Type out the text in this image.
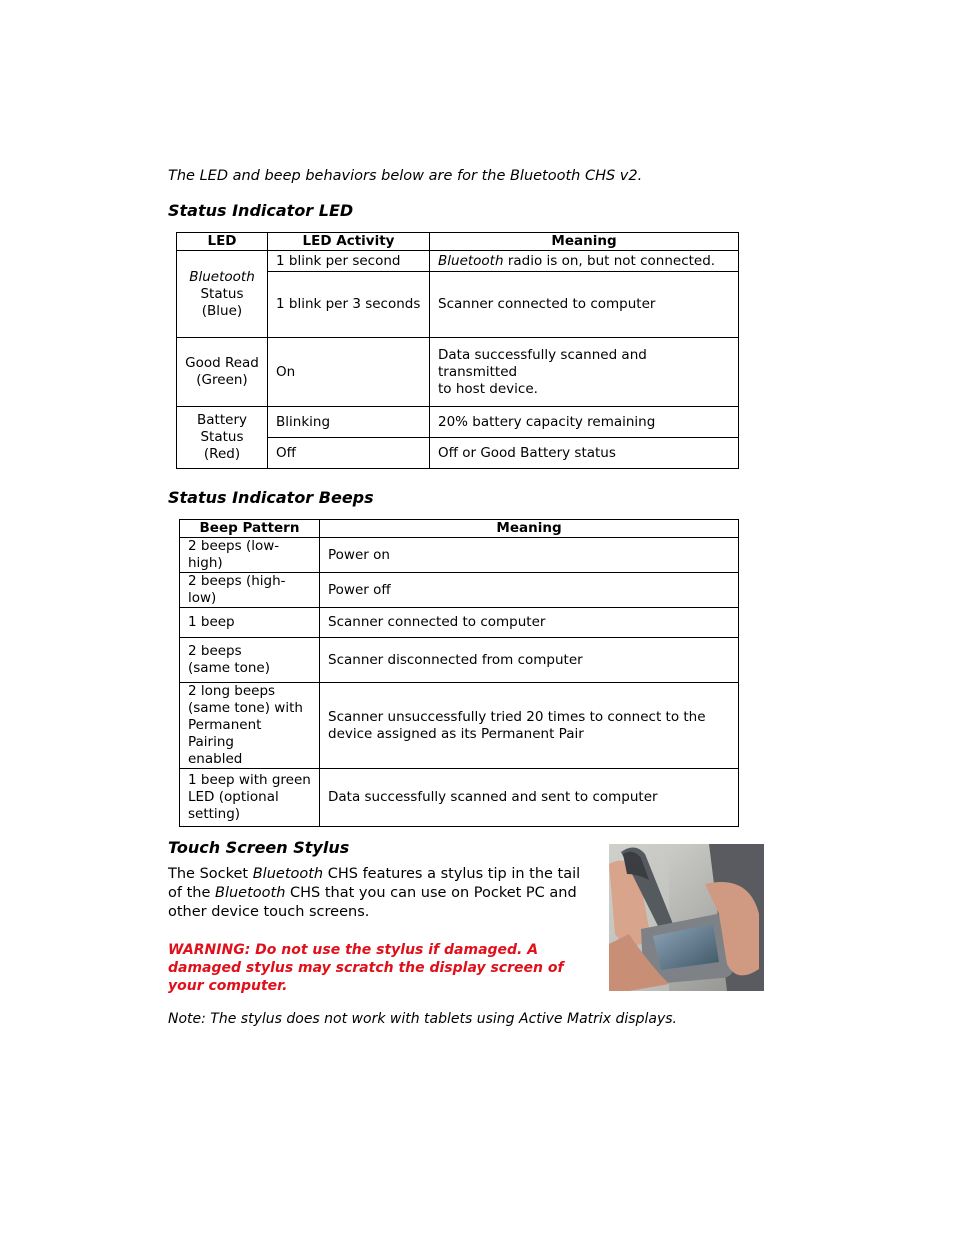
The LED and beep behaviors below are for the Bluetooth CHS v2.
Status Indicator LED
LED	LED Activity	Meaning
Bluetooth
Status
(Blue)	1 blink per second	Bluetooth radio is on, but not connected.
	1 blink per 3 seconds	Scanner connected to computer
Good Read
(Green)	On	Data successfully scanned and transmitted
to host device.
Battery
Status
(Red)	Blinking	20% battery capacity remaining
	Off	Off or Good Battery status
Status Indicator Beeps
Beep Pattern	Meaning
2 beeps (low-high)	Power on
2 beeps (high-low)	Power off
1 beep	Scanner connected to computer
2 beeps
(same tone)	Scanner disconnected from computer
2 long beeps
(same tone) with
Permanent Pairing
enabled	Scanner unsuccessfully tried 20 times to connect to the
device assigned as its Permanent Pair
1 beep with green
LED (optional
setting)	Data successfully scanned and sent to computer
Touch Screen Stylus
The Socket Bluetooth CHS features a stylus tip in the tail of the Bluetooth CHS that you can use on Pocket PC and other device touch screens.
WARNING: Do not use the stylus if damaged. A damaged stylus may scratch the display screen of your computer.
Note: The stylus does not work with tablets using Active Matrix displays.
